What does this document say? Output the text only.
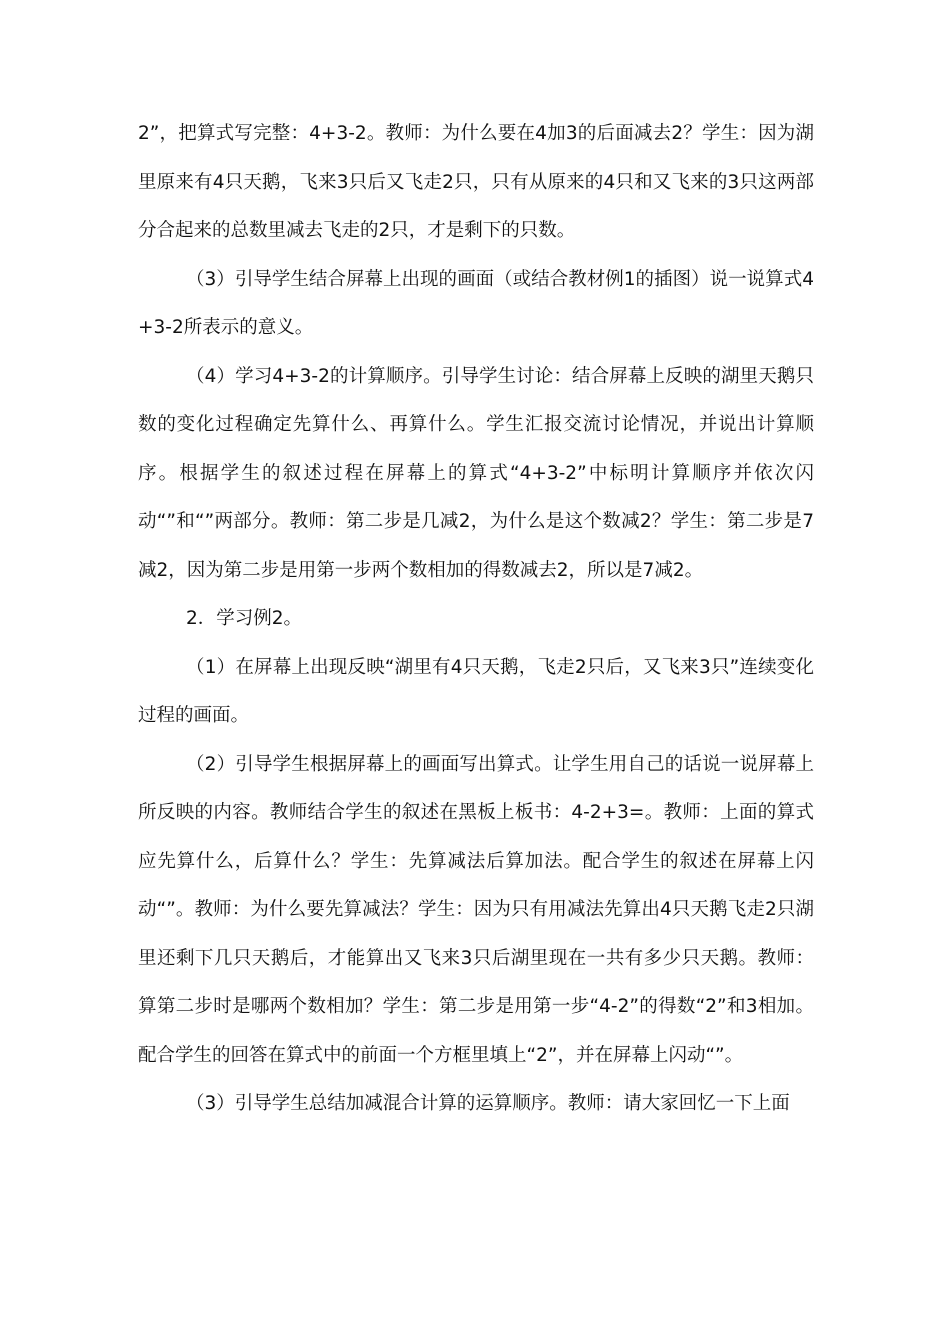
2”，把算式写完整：4+3-2。教师：为什么要在4加3的后面减去2？学生：因为湖里原来有4只天鹅，飞来3只后又飞走2只，只有从原来的4只和又飞来的3只这两部分合起来的总数里减去飞走的2只，才是剩下的只数。

（3）引导学生结合屏幕上出现的画面（或结合教材例1的插图）说一说算式4+3-2所表示的意义。

（4）学习4+3-2的计算顺序。引导学生讨论：结合屏幕上反映的湖里天鹅只数的变化过程确定先算什么、再算什么。学生汇报交流讨论情况，并说出计算顺序。根据学生的叙述过程在屏幕上的算式“4+3-2”中标明计算顺序并依次闪动“”和“”两部分。教师：第二步是几减2，为什么是这个数减2？学生：第二步是7减2，因为第二步是用第一步两个数相加的得数减去2，所以是7减2。

2．学习例2。

（1）在屏幕上出现反映“湖里有4只天鹅，飞走2只后，又飞来3只”连续变化过程的画面。

（2）引导学生根据屏幕上的画面写出算式。让学生用自己的话说一说屏幕上所反映的内容。教师结合学生的叙述在黑板上板书：4-2+3=。教师：上面的算式应先算什么，后算什么？学生：先算减法后算加法。配合学生的叙述在屏幕上闪动“”。教师：为什么要先算减法？学生：因为只有用减法先算出4只天鹅飞走2只湖里还剩下几只天鹅后，才能算出又飞来3只后湖里现在一共有多少只天鹅。教师：算第二步时是哪两个数相加？学生：第二步是用第一步“4-2”的得数“2”和3相加。配合学生的回答在算式中的前面一个方框里填上“2”，并在屏幕上闪动“”。

（3）引导学生总结加减混合计算的运算顺序。教师：请大家回忆一下上面
